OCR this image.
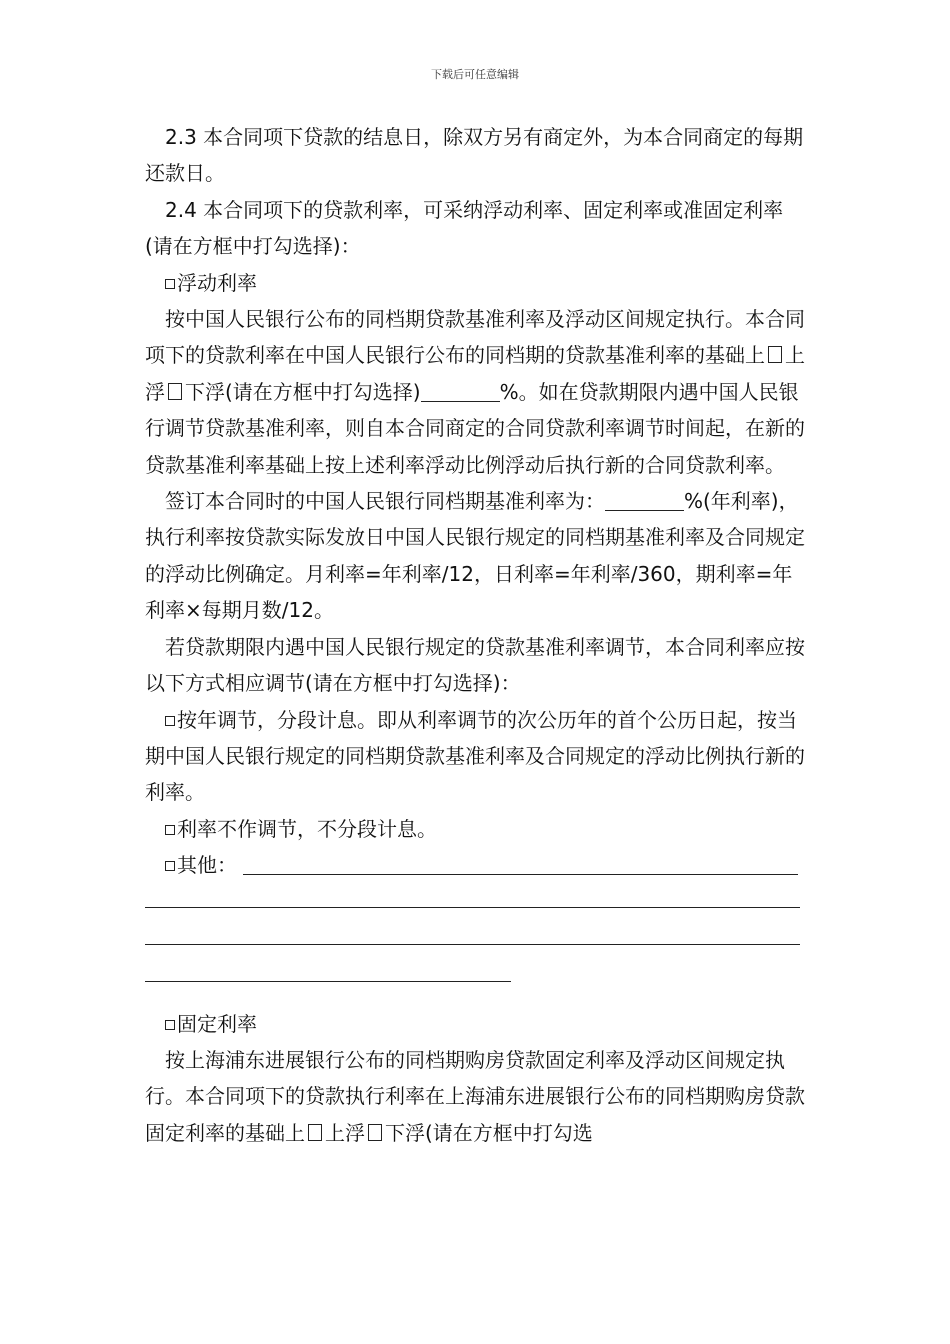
下载后可任意编辑

2.3 本合同项下贷款的结息日，除双方另有商定外，为本合同商定的每期还款日。

2.4 本合同项下的贷款利率，可采纳浮动利率、固定利率或准固定利率(请在方框中打勾选择)：

浮动利率

按中国人民银行公布的同档期贷款基准利率及浮动区间规定执行。本合同项下的贷款利率在中国人民银行公布的同档期的贷款基准利率的基础上 上浮 下浮(请在方框中打勾选择)	%。如在贷款期限内遇中国人民银行调节贷款基准利率，则自本合同商定的合同贷款利率调节时间起，在新的贷款基准利率基础上按上述利率浮动比例浮动后执行新的合同贷款利率。

签订本合同时的中国人民银行同档期基准利率为：	%(年利率)，执行利率按贷款实际发放日中国人民银行规定的同档期基准利率及合同规定的浮动比例确定。月利率=年利率/12，日利率=年利率/360，期利率=年利率×每期月数/12。

若贷款期限内遇中国人民银行规定的贷款基准利率调节，本合同利率应按以下方式相应调节(请在方框中打勾选择)：

按年调节，分段计息。即从利率调节的次公历年的首个公历日起，按当期中国人民银行规定的同档期贷款基准利率及合同规定的浮动比例执行新的利率。

利率不作调节，不分段计息。

其他：

固定利率

按上海浦东进展银行公布的同档期购房贷款固定利率及浮动区间规定执行。本合同项下的贷款执行利率在上海浦东进展银行公布的同档期购房贷款固定利率的基础上 上浮 下浮(请在方框中打勾选
